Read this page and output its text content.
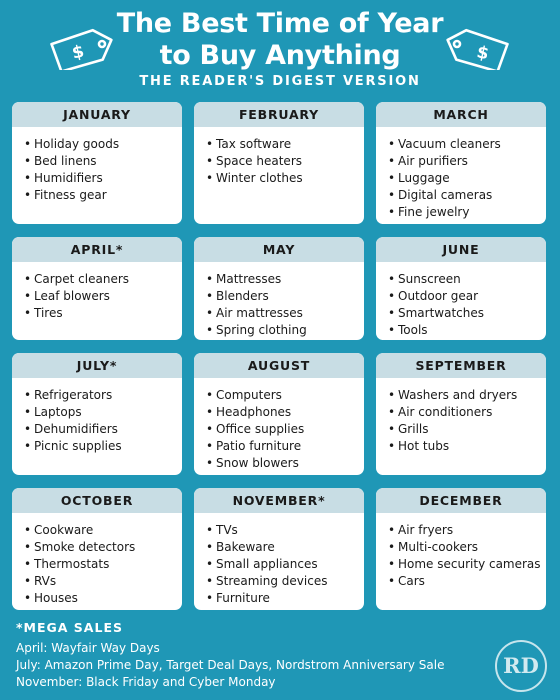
$	$
The Best Time of Year
to Buy Anything
THE READER'S DIGEST VERSION
JANUARY
• Holiday goods
• Bed linens
• Humidifiers
• Fitness gear
FEBRUARY
• Tax software
• Space heaters
• Winter clothes
MARCH
• Vacuum cleaners
• Air purifiers
• Luggage
• Digital cameras
• Fine jewelry
APRIL*
• Carpet cleaners
• Leaf blowers
• Tires
MAY
• Mattresses
• Blenders
• Air mattresses
• Spring clothing
JUNE
• Sunscreen
• Outdoor gear
• Smartwatches
• Tools
JULY*
• Refrigerators
• Laptops
• Dehumidifiers
• Picnic supplies
AUGUST
• Computers
• Headphones
• Office supplies
• Patio furniture
• Snow blowers
SEPTEMBER
• Washers and dryers
• Air conditioners
• Grills
• Hot tubs
OCTOBER
• Cookware
• Smoke detectors
• Thermostats
• RVs
• Houses
NOVEMBER*
• TVs
• Bakeware
• Small appliances
• Streaming devices
• Furniture
DECEMBER
• Air fryers
• Multi-cookers
• Home security cameras
• Cars
*MEGA SALES
April: Wayfair Way Days
July: Amazon Prime Day, Target Deal Days, Nordstrom Anniversary Sale
November: Black Friday and Cyber Monday
RD
